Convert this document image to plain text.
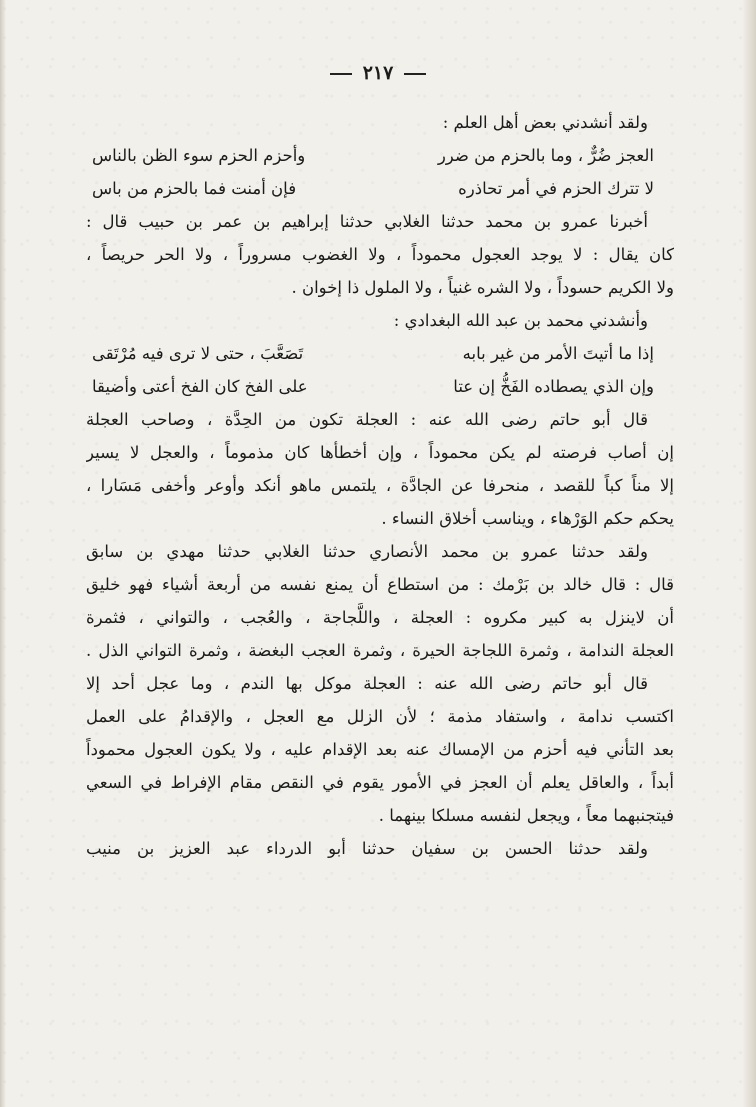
٢١٧
ولقد أنشدني بعض أهل العلم :
العجز ضُرٌّ ، وما بالحزم من ضرر
وأحزم الحزم سوء الظن بالناس
لا تترك الحزم في أمر تحاذره
فإن أمنت فما بالحزم من باس
أخبرنا عمرو بن محمد حدثنا الغلابي حدثنا إبراهيم بن عمر بن حبيب قال :
كان يقال : لا يوجد العجول محموداً ، ولا الغضوب مسروراً ، ولا الحر حريصاً ،
ولا الكريم حسوداً ، ولا الشره غنياً ، ولا الملول ذا إخوان .
وأنشدني محمد بن عبد الله البغدادي :
إذا ما أتيتَ الأمر من غير بابه
تَصَعَّبَ ، حتى لا ترى فيه مُرْتَقى
وإن الذي يصطاده الفَخُّ إن عتا
على الفخ كان الفخ أعتى وأضيقا
قال أبو حاتم رضى الله عنه : العجلة تكون من الحِدَّة ، وصاحب العجلة
إن أصاب فرصته لم يكن محموداً ، وإن أخطأها كان مذموماً ، والعجل لا يسير
إلا مناً كباً للقصد ، منحرفا عن الجادَّة ، يلتمس ماهو أنكد وأوعر وأخفى مَسَارا ،
يحكم حكم الوَرْهاء ، ويناسب أخلاق النساء .
ولقد حدثنا عمرو بن محمد الأنصاري حدثنا الغلابي حدثنا مهدي بن سابق
قال : قال خالد بن بَرْمك : من استطاع أن يمنع نفسه من أربعة أشياء فهو خليق
أن لاينزل به كبير مكروه : العجلة ، واللَّجاجة ، والعُجب ، والتواني ، فثمرة
العجلة الندامة ، وثمرة اللجاجة الحيرة ، وثمرة العجب البغضة ، وثمرة التواني الذل .
قال أبو حاتم رضى الله عنه : العجلة موكل بها الندم ، وما عجل أحد إلا
اكتسب ندامة ، واستفاد مذمة ؛ لأن الزلل مع العجل ، والإقدامُ على العمل
بعد التأني فيه أحزم من الإمساك عنه بعد الإقدام عليه ، ولا يكون العجول محموداً
أبداً ، والعاقل يعلم أن العجز في الأمور يقوم في النقص مقام الإفراط في السعي
فيتجنبهما معاً ، ويجعل لنفسه مسلكا بينهما .
ولقد حدثنا الحسن بن سفيان حدثنا أبو الدرداء عبد العزيز بن منيب
